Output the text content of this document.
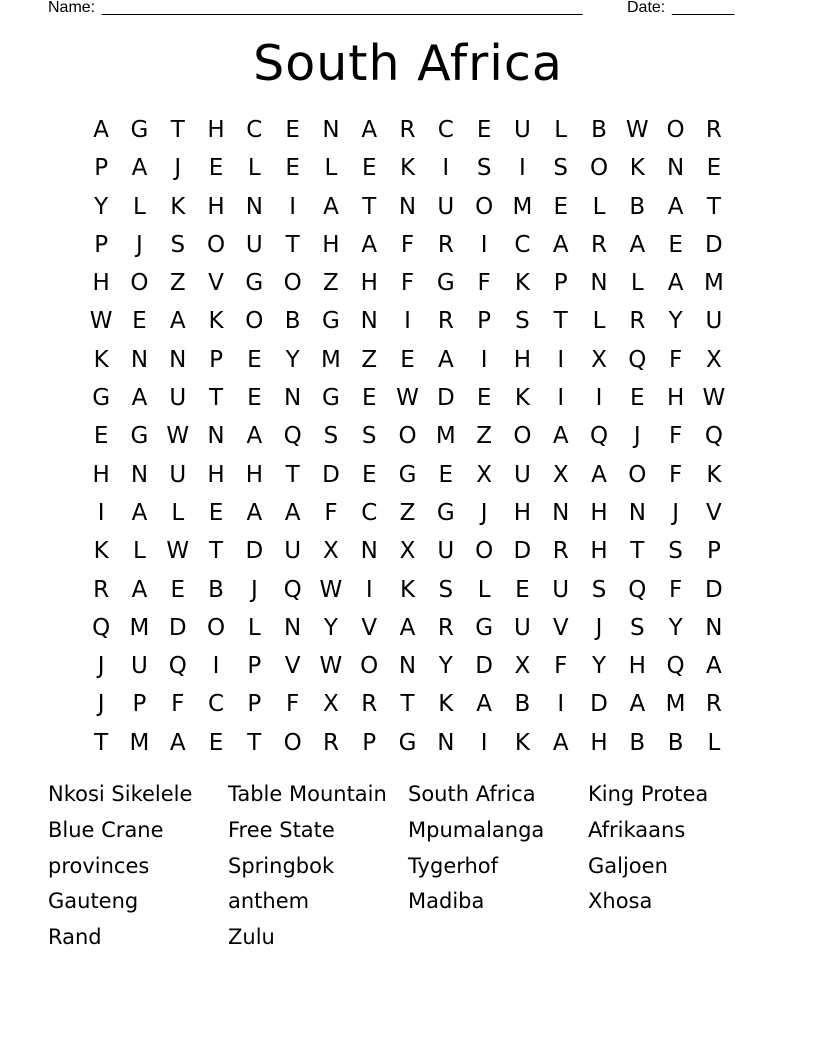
Name: ______________________________________________________	Date: _______
South Africa
A G T H C	E N A R C	E U	L	B W O R
P	A	J	E	L	E	L	E	K	I	S	I	S O K N E
Y	L	K H N	I	A	T N U O M E	L	B A	T
P	J	S O U T H A	F	R	I	C A R A	E D
H O Z V G O Z H	F G F	K	P N	L	A M
W E	A K O B G N	I	R	P	S	T	L	R	Y U
K N N P	E	Y M Z	E	A	I	H	I	X Q F	X
G A U T	E N G E W D E	K	I	I	E H W
E G W N A Q S	S O M Z O A Q	J	F Q
H N U H H T D E G E	X U X A O F	K
I	A	L	E	A A	F	C Z G	J	H N H N	J	V
K	L W T D U X N X U O D R H T	S	P
R A	E	B	J	Q W	I	K	S	L	E U S Q F D
Q M D O L	N Y	V A R G U V	J	S	Y N
J	U Q	I	P	V W O N Y D X	F	Y H Q A
J	P	F	C	P	F	X R	T	K A B	I	D A M R
T M A	E	T O R	P G N	I	K A H B B	L
Nkosi Sikelele	Table Mountain	South Africa	King Protea
Blue Crane	Free State	Mpumalanga	Afrikaans
provinces	Springbok	Tygerhof	Galjoen
Gauteng	anthem	Madiba	Xhosa
Rand	Zulu
